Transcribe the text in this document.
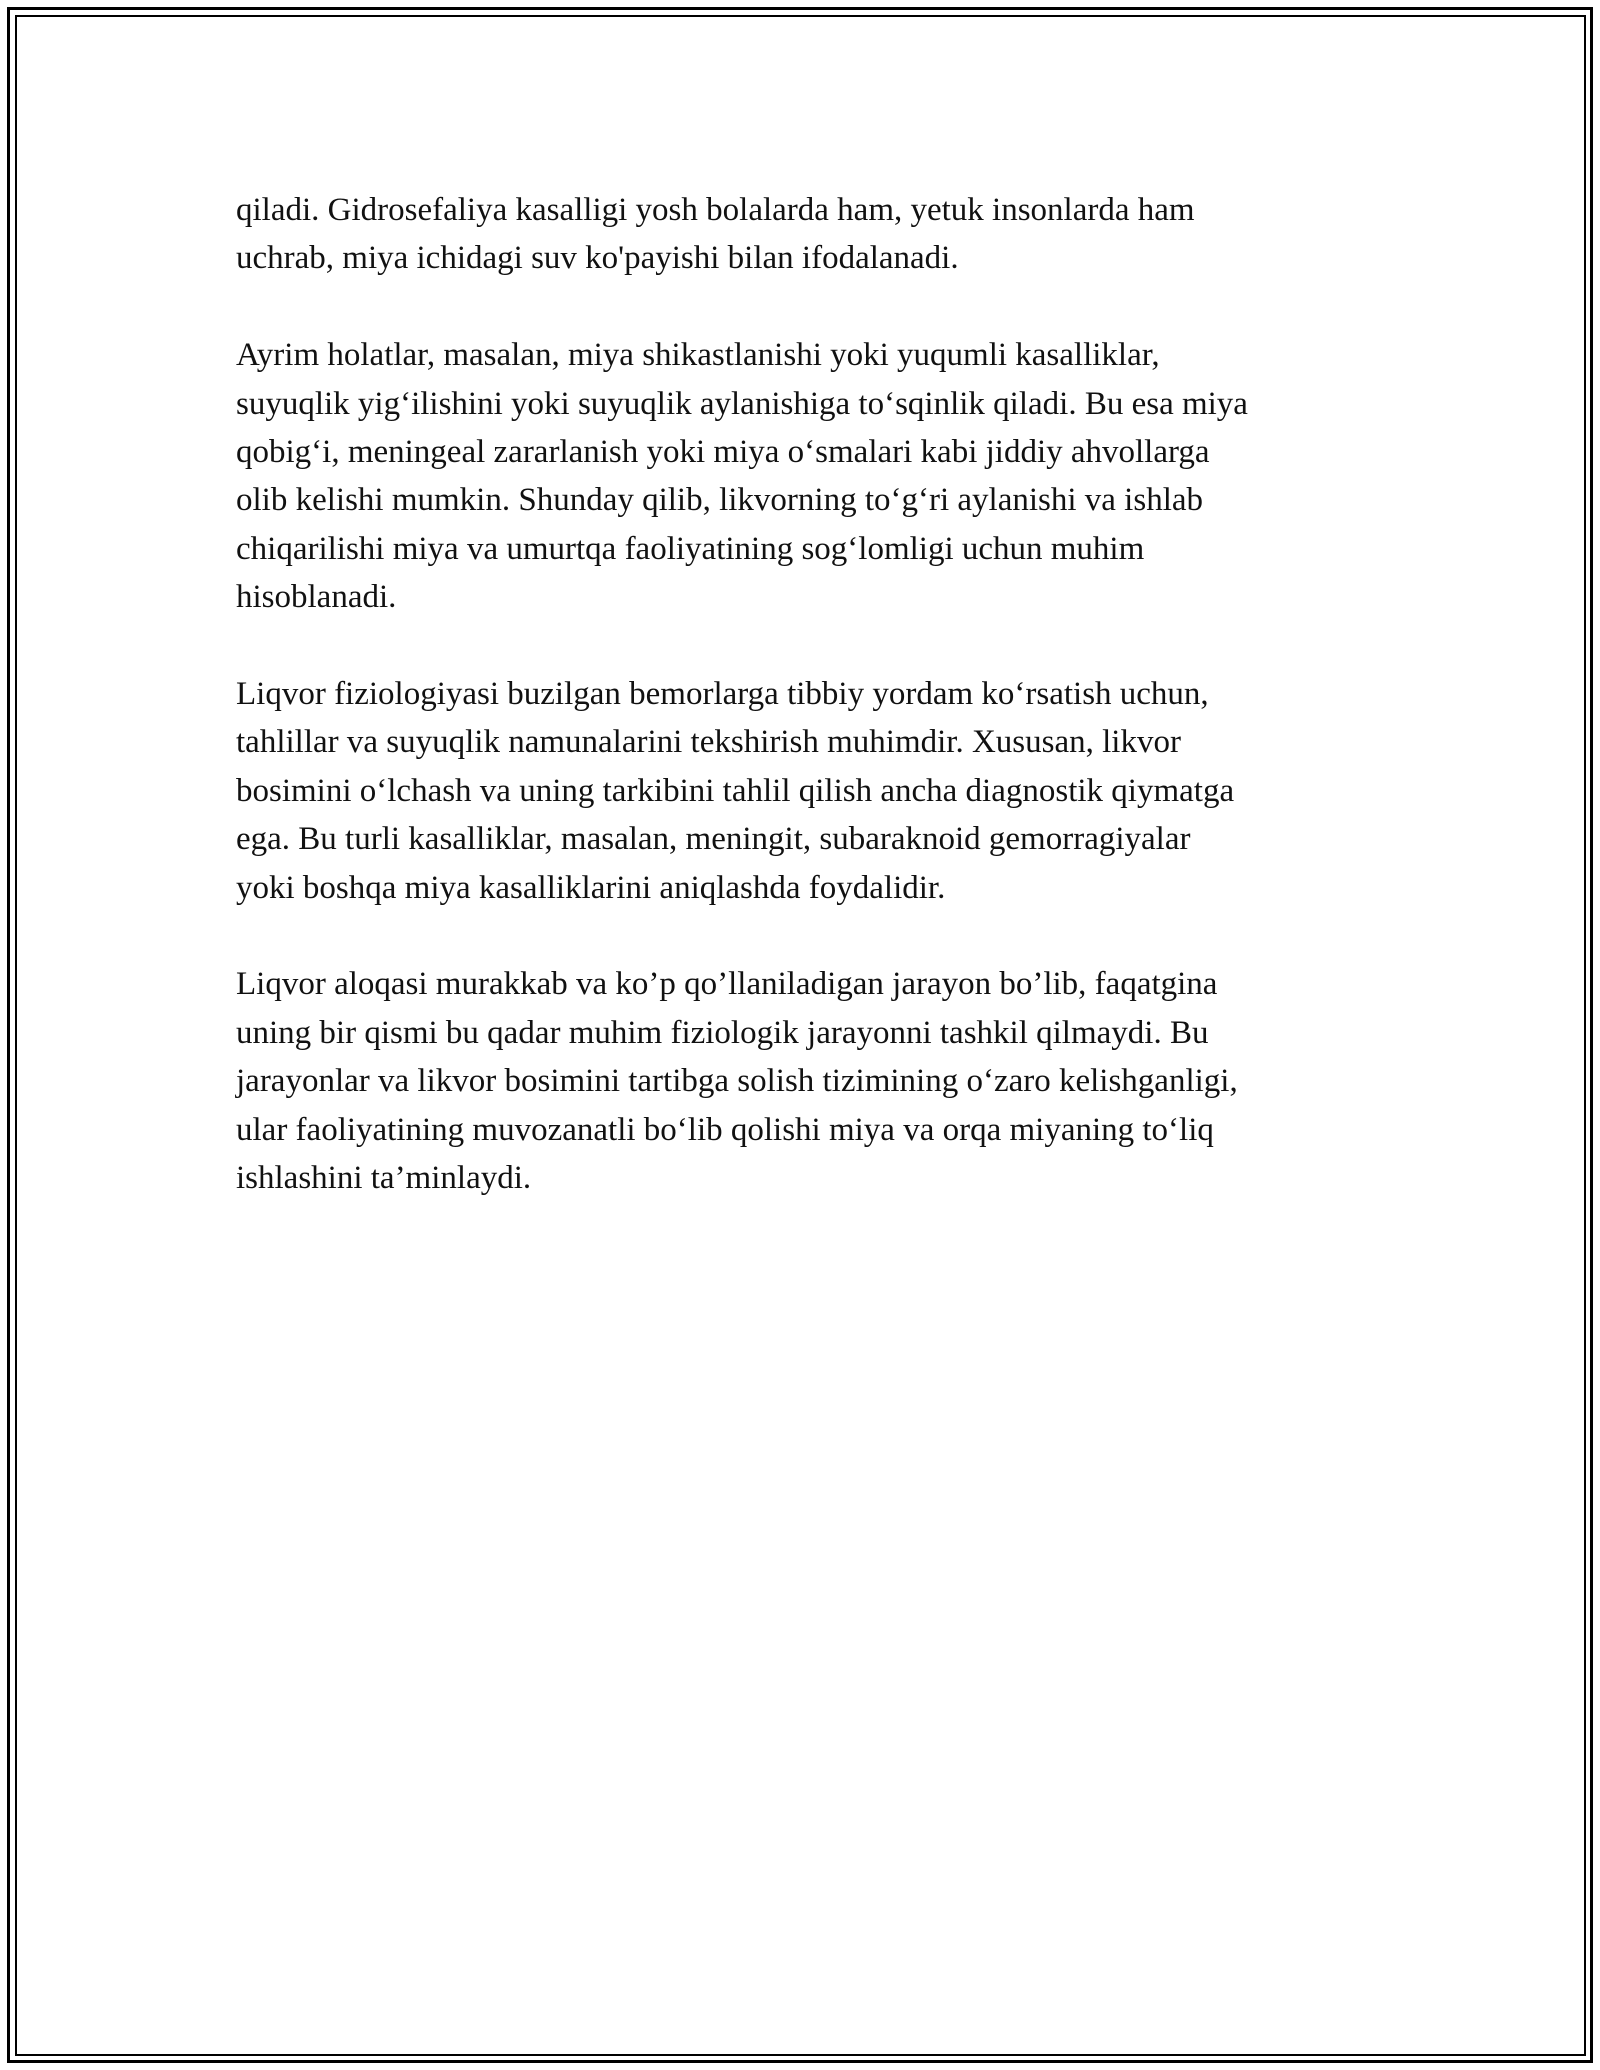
qiladi. Gidrosefaliya kasalligi yosh bolalarda ham, yetuk insonlarda ham
uchrab, miya ichidagi suv ko'payishi bilan ifodalanadi.

Ayrim holatlar, masalan, miya shikastlanishi yoki yuqumli kasalliklar,
suyuqlik yig‘ilishini yoki suyuqlik aylanishiga to‘sqinlik qiladi. Bu esa miya
qobig‘i, meningeal zararlanish yoki miya o‘smalari kabi jiddiy ahvollarga
olib kelishi mumkin. Shunday qilib, likvorning to‘g‘ri aylanishi va ishlab
chiqarilishi miya va umurtqa faoliyatining sog‘lomligi uchun muhim
hisoblanadi.

Liqvor fiziologiyasi buzilgan bemorlarga tibbiy yordam ko‘rsatish uchun,
tahlillar va suyuqlik namunalarini tekshirish muhimdir. Xususan, likvor
bosimini o‘lchash va uning tarkibini tahlil qilish ancha diagnostik qiymatga
ega. Bu turli kasalliklar, masalan, meningit, subaraknoid gemorragiyalar
yoki boshqa miya kasalliklarini aniqlashda foydalidir.

Liqvor aloqasi murakkab va ko’p qo’llaniladigan jarayon bo’lib, faqatgina
uning bir qismi bu qadar muhim fiziologik jarayonni tashkil qilmaydi. Bu
jarayonlar va likvor bosimini tartibga solish tizimining o‘zaro kelishganligi,
ular faoliyatining muvozanatli bo‘lib qolishi miya va orqa miyaning to‘liq
ishlashini ta’minlaydi.
